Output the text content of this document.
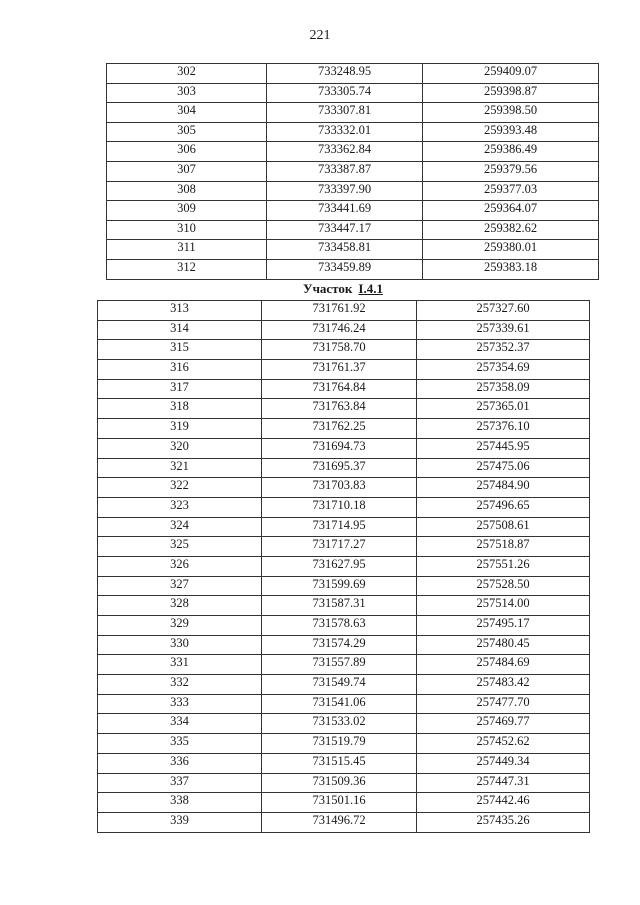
221
302	733248.95	259409.07
303	733305.74	259398.87
304	733307.81	259398.50
305	733332.01	259393.48
306	733362.84	259386.49
307	733387.87	259379.56
308	733397.90	259377.03
309	733441.69	259364.07
310	733447.17	259382.62
311	733458.81	259380.01
312	733459.89	259383.18
Участок I.4.1
313	731761.92	257327.60
314	731746.24	257339.61
315	731758.70	257352.37
316	731761.37	257354.69
317	731764.84	257358.09
318	731763.84	257365.01
319	731762.25	257376.10
320	731694.73	257445.95
321	731695.37	257475.06
322	731703.83	257484.90
323	731710.18	257496.65
324	731714.95	257508.61
325	731717.27	257518.87
326	731627.95	257551.26
327	731599.69	257528.50
328	731587.31	257514.00
329	731578.63	257495.17
330	731574.29	257480.45
331	731557.89	257484.69
332	731549.74	257483.42
333	731541.06	257477.70
334	731533.02	257469.77
335	731519.79	257452.62
336	731515.45	257449.34
337	731509.36	257447.31
338	731501.16	257442.46
339	731496.72	257435.26
